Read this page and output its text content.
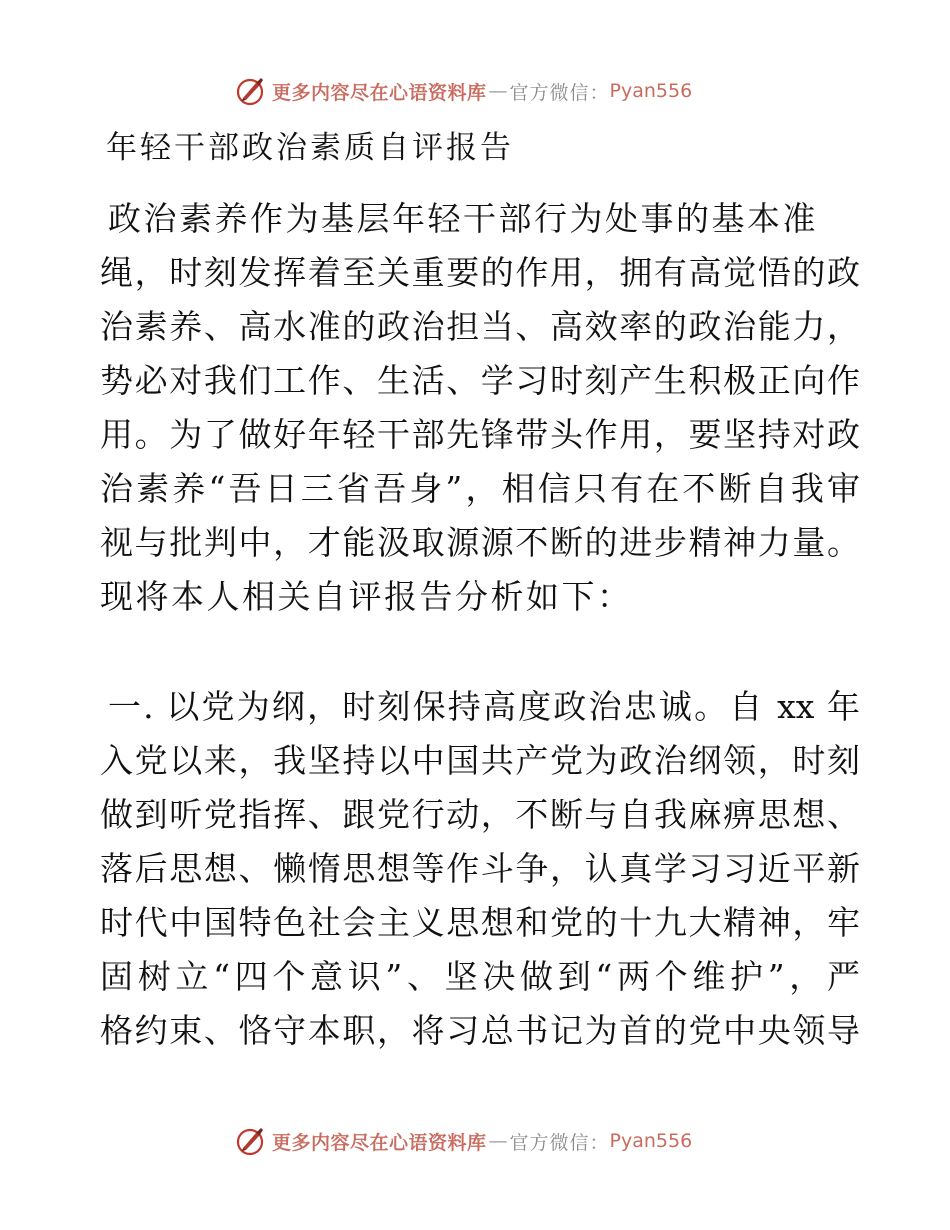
更多内容尽在心语资料库 — 官方微信： Pyan556
年轻干部政治素质自评报告
政治素养作为基层年轻干部行为处事的基本准
绳，时刻发挥着至关重要的作用，拥有高觉悟的政
治素养、高水准的政治担当、高效率的政治能力，
势必对我们工作、生活、学习时刻产生积极正向作
用。为了做好年轻干部先锋带头作用，要坚持对政
治素养“吾日三省吾身”，相信只有在不断自我审
视与批判中，才能汲取源源不断的进步精神力量。
现将本人相关自评报告分析如下：
一. 以党为纲，时刻保持高度政治忠诚。自 xx 年
入党以来，我坚持以中国共产党为政治纲领，时刻
做到听党指挥、跟党行动，不断与自我麻痹思想、
落后思想、懒惰思想等作斗争，认真学习习近平新
时代中国特色社会主义思想和党的十九大精神，牢
固树立“四个意识”、坚决做到“两个维护”，严
格约束、恪守本职，将习总书记为首的党中央领导
更多内容尽在心语资料库 — 官方微信： Pyan556
